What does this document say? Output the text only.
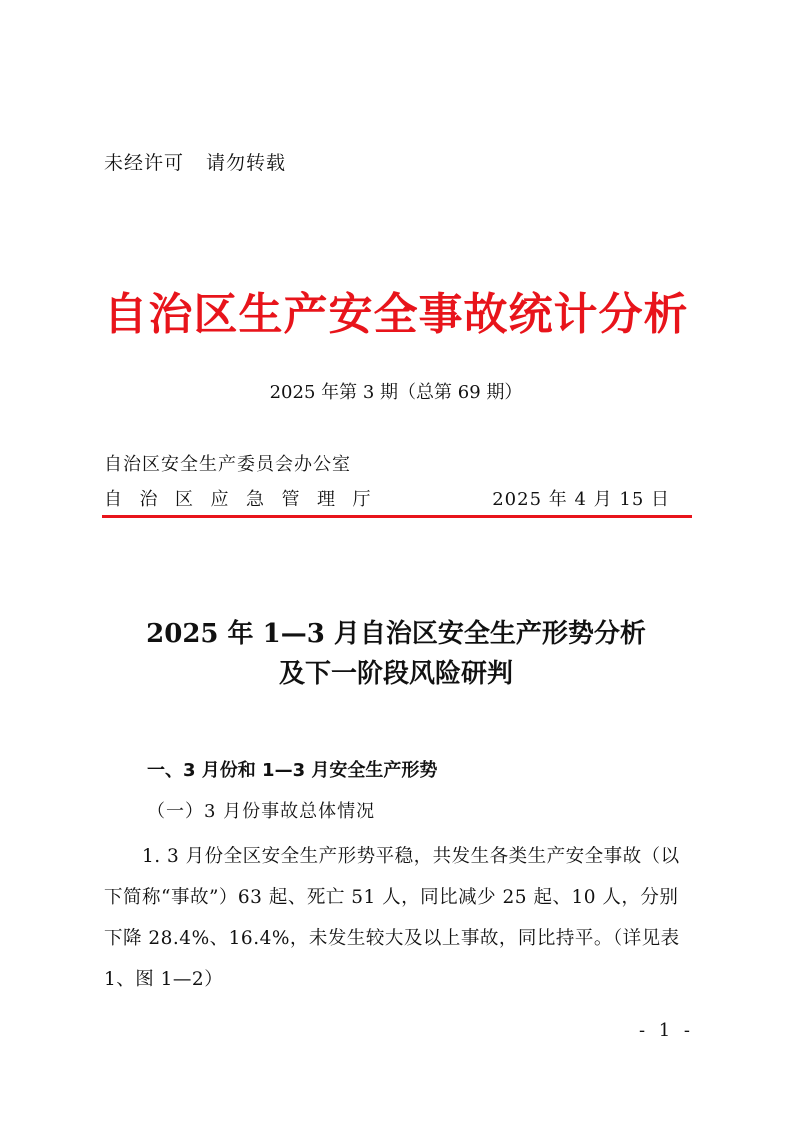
未经许可 请勿转载
自治区生产安全事故统计分析
2025 年第 3 期（总第 69 期）
自治区安全生产委员会办公室
自治区应急管理厅	2025 年 4 月 15 日
2025 年 1—3 月自治区安全生产形势分析
及下一阶段风险研判
一、3 月份和 1—3 月安全生产形势
（一）3 月份事故总体情况
1. 3 月份全区安全生产形势平稳，共发生各类生产安全事故（以下简称“事故”）63 起、死亡 51 人，同比减少 25 起、10 人，分别下降 28.4%、16.4%，未发生较大及以上事故，同比持平。（详见表 1、图 1—2）
- 1 -
